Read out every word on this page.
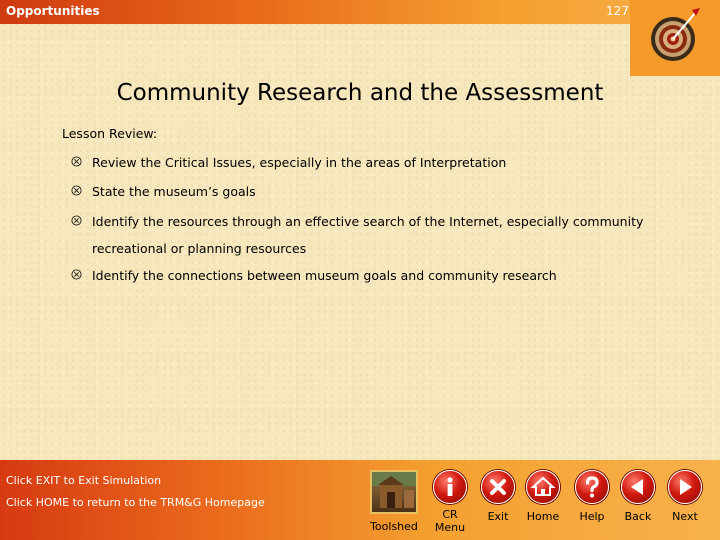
Opportunities	127
Community Research and the Assessment
Lesson Review:
Review the Critical Issues, especially in the areas of Interpretation
State the museum’s goals
Identify the resources through an effective search of the Internet, especially community recreational or planning resources
Identify the connections between museum goals and community research
Click EXIT to Exit Simulation
Click HOME to return to the TRM&G Homepage
Toolshed
CR
Menu
Exit	Home	Help	Back	Next
